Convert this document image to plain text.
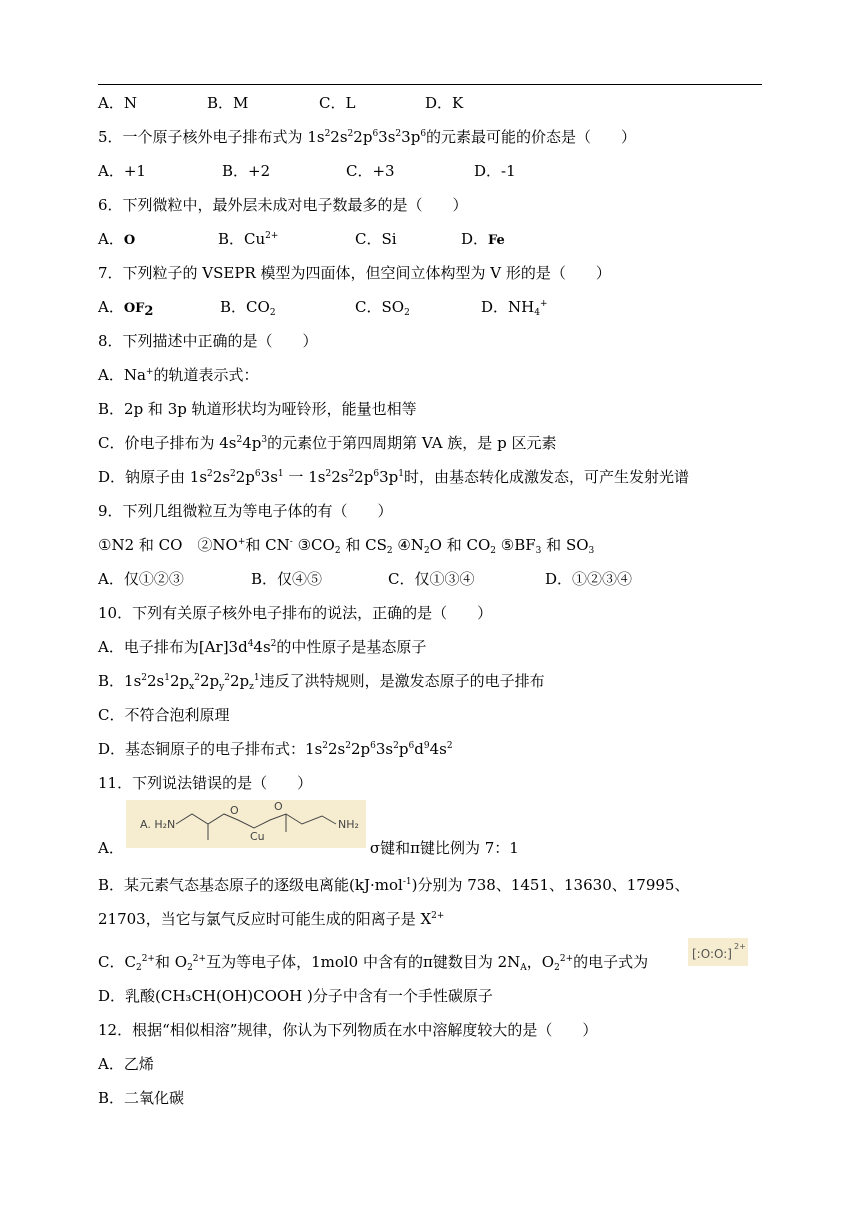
A．N	B．M	C．L	D．K
5．一个原子核外电子排布式为 $1s^22s^22p^63s^23p^6$的元素最可能的价态是（　　）
A．+1	B．+2	C．+3	D．-1
6．下列微粒中，最外层未成对电子数最多的是（　　）
A．O	B．$Cu^{2+}$	C．Si	D．Fe
7．下列粒子的 VSEPR 模型为四面体，但空间立体构型为 V 形的是（　　）
A．$OF_2$	B．$CO_2$	C．$SO_2$	D．$NH_4^+$
8．下列描述中正确的是（　　）
A．Na+的轨道表示式：
B．2p 和 3p 轨道形状均为哑铃形，能量也相等
C．价电子排布为 $4s^24p^3$的元素位于第四周期第 VA 族，是 p 区元素
D．钠原子由 $1s^22s^22p^63s^1$ 一 $1s^22s^22p^63p^1$时，由基态转化成激发态，可产生发射光谱
9．下列几组微粒互为等电子体的有（　　）
①N2 和 CO　②NO+和 CN- $③CO_2$ 和 $CS_2$ $④N_2O$ 和 $CO_2$ $⑤BF_3$ 和 $SO_3$
A．仅①②③	B．仅④⑤	C．仅①③④	D．①②③④
10．下列有关原子核外电子排布的说法，正确的是（　　）
A．电子排布为$[Ar]3d^44s^2$的中性原子是基态原子
B．$1s^22s^12p_x^22p_y^22p_z^1$违反了洪特规则，是激发态原子的电子排布
C．不符合泡利原理
D．基态铜原子的电子排布式：$1s^22s^22p^63s^2p^6d^94s^2$
11．下列说法错误的是（　　）
A. H₂N
O
Cu
O
NH₂
A．	σ键和π键比例为 7：1
B．某元素气态基态原子的逐级电离能(kJ·mol$^{-1}$)分别为 738、1451、13630、17995、
21703，当它与氯气反应时可能生成的阳离子是 $X^{2+}$
[:O:O:]
2+
C．$C_2^{2+}$和 $O_2^{2+}$互为等电子体，1mol0 中含有的π键数目为 $2N_A$，$O_2^{2+}$的电子式为
D．乳酸(CH₃CH(OH)COOH )分子中含有一个手性碳原子
12．根据“相似相溶”规律，你认为下列物质在水中溶解度较大的是（　　）
A．乙烯
B．二氧化碳
